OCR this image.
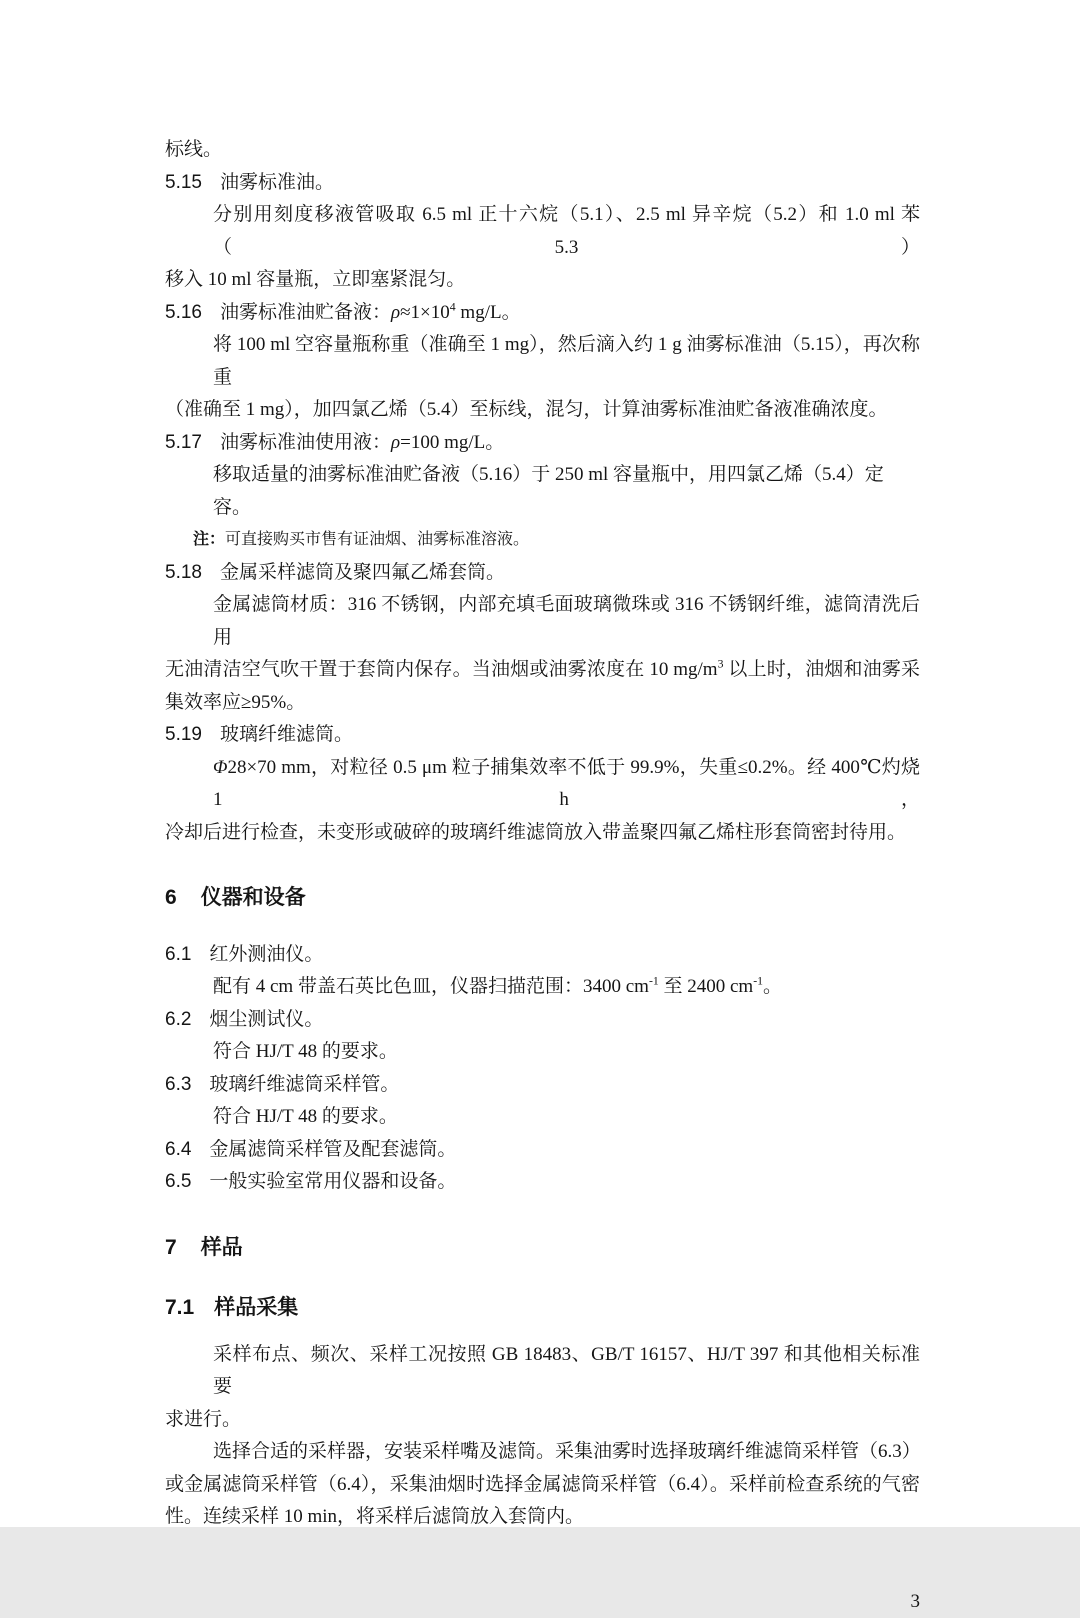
标线。
5.15 油雾标准油。
分别用刻度移液管吸取 6.5 ml 正十六烷（5.1）、2.5 ml 异辛烷（5.2）和 1.0 ml 苯（5.3）
移入 10 ml 容量瓶，立即塞紧混匀。
5.16 油雾标准油贮备液：$\rho\approx 1\times 10^4$ mg/L。
将 100 ml 空容量瓶称重（准确至 1 mg），然后滴入约 1 g 油雾标准油（5.15），再次称重
（准确至 1 mg），加四氯乙烯（5.4）至标线，混匀，计算油雾标准油贮备液准确浓度。
5.17 油雾标准油使用液：ρ=100 mg/L。
移取适量的油雾标准油贮备液（5.16）于 250 ml 容量瓶中，用四氯乙烯（5.4）定容。
注：可直接购买市售有证油烟、油雾标准溶液。
5.18 金属采样滤筒及聚四氟乙烯套筒。
金属滤筒材质：316 不锈钢，内部充填毛面玻璃微珠或 316 不锈钢纤维，滤筒清洗后用
无油清洁空气吹干置于套筒内保存。当油烟或油雾浓度在 10 $mg/m^3$ 以上时，油烟和油雾采
集效率应≥95%。
5.19 玻璃纤维滤筒。
Φ28×70 mm，对粒径 0.5 μm 粒子捕集效率不低于 99.9%，失重≤0.2%。经 400℃灼烧 1 h，
冷却后进行检查，未变形或破碎的玻璃纤维滤筒放入带盖聚四氟乙烯柱形套筒密封待用。
6 仪器和设备
6.1 红外测油仪。
配有 4 cm 带盖石英比色皿，仪器扫描范围：3400 $cm^{-1}$ 至 2400 $cm^{-1}$。
6.2 烟尘测试仪。
符合 HJ/T 48 的要求。
6.3 玻璃纤维滤筒采样管。
符合 HJ/T 48 的要求。
6.4 金属滤筒采样管及配套滤筒。
6.5 一般实验室常用仪器和设备。
7 样品
7.1 样品采集
采样布点、频次、采样工况按照 GB 18483、GB/T 16157、HJ/T 397 和其他相关标准要
求进行。
选择合适的采样器，安装采样嘴及滤筒。采集油雾时选择玻璃纤维滤筒采样管（6.3）
或金属滤筒采样管（6.4），采集油烟时选择金属滤筒采样管（6.4）。采样前检查系统的气密
性。连续采样 10 min，将采样后滤筒放入套筒内。
3
